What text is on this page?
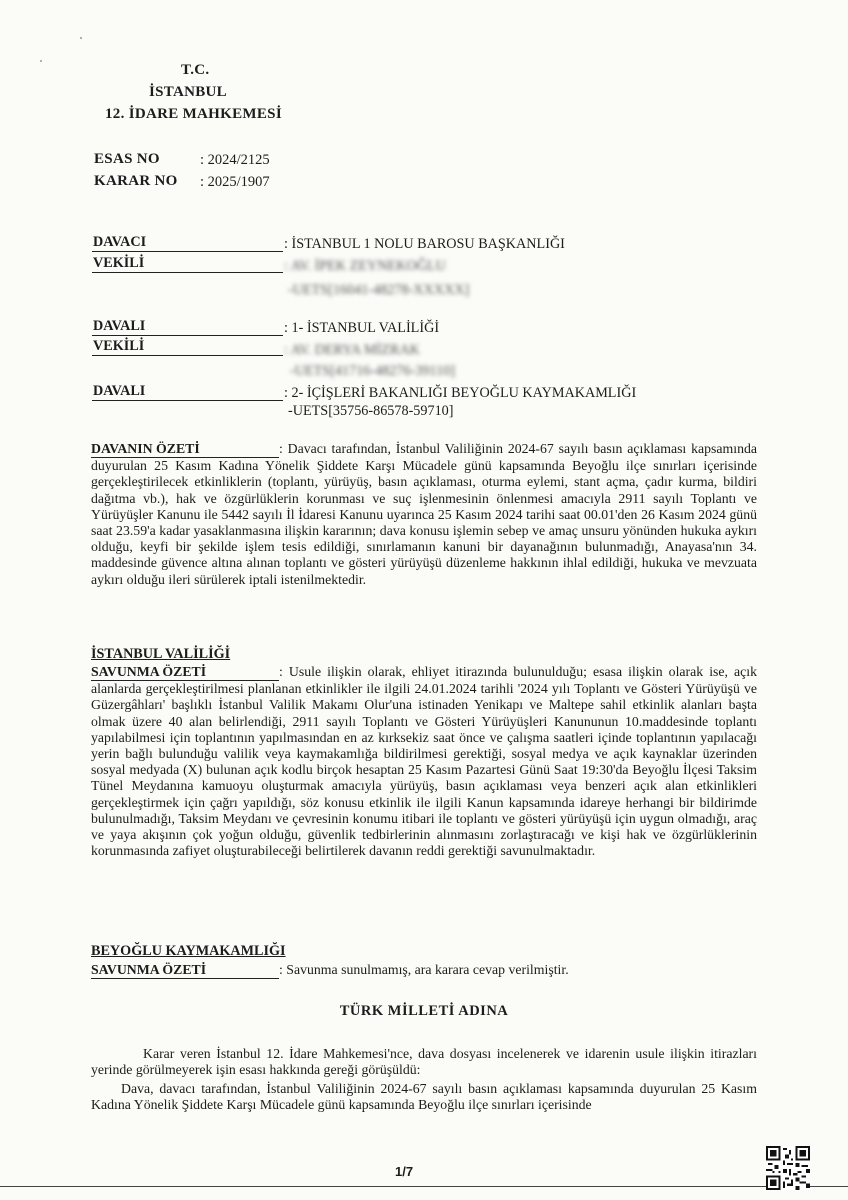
T.C.
İSTANBUL
12. İDARE MAHKEMESİ
ESAS NO	: 2024/2125
KARAR NO : 2025/1907
DAVACI	: İSTANBUL 1 NOLU BAROSU BAŞKANLIĞI
VEKİLİ	: AV. İPEK ZEYNEKOĞLU
-UETS[16041-48278-XXXXX]
DAVALI	: 1- İSTANBUL VALİLİĞİ
VEKİLİ	: AV. DERYA MİZRAK
-UETS[41716-48276-39110]
DAVALI	: 2- İÇİŞLERİ BAKANLIĞI BEYOĞLU KAYMAKAMLIĞI
-UETS[35756-86578-59710]
DAVANIN ÖZETİ	: Davacı tarafından, İstanbul Valiliğinin 2024-67 sayılı basın açıklaması kapsamında duyurulan 25 Kasım Kadına Yönelik Şiddete Karşı Mücadele günü kapsamında Beyoğlu ilçe sınırları içerisinde gerçekleştirilecek etkinliklerin (toplantı, yürüyüş, basın açıklaması, oturma eylemi, stant açma, çadır kurma, bildiri dağıtma vb.), hak ve özgürlüklerin korunması ve suç işlenmesinin önlenmesi amacıyla 2911 sayılı Toplantı ve Yürüyüşler Kanunu ile 5442 sayılı İl İdaresi Kanunu uyarınca 25 Kasım 2024 tarihi saat 00.01'den 26 Kasım 2024 günü saat 23.59'a kadar yasaklanmasına ilişkin kararının; dava konusu işlemin sebep ve amaç unsuru yönünden hukuka aykırı olduğu, keyfi bir şekilde işlem tesis edildiği, sınırlamanın kanuni bir dayanağının bulunmadığı, Anayasa'nın 34. maddesinde güvence altına alınan toplantı ve gösteri yürüyüşü düzenleme hakkının ihlal edildiği, hukuka ve mevzuata aykırı olduğu ileri sürülerek iptali istenilmektedir.
İSTANBUL VALİLİĞİ
SAVUNMA ÖZETİ	: Usule ilişkin olarak, ehliyet itirazında bulunulduğu; esasa ilişkin olarak ise, açık alanlarda gerçekleştirilmesi planlanan etkinlikler ile ilgili 24.01.2024 tarihli '2024 yılı Toplantı ve Gösteri Yürüyüşü ve Güzergâhları' başlıklı İstanbul Valilik Makamı Olur'una istinaden Yenikapı ve Maltepe sahil etkinlik alanları başta olmak üzere 40 alan belirlendiği, 2911 sayılı Toplantı ve Gösteri Yürüyüşleri Kanununun 10.maddesinde toplantı yapılabilmesi için toplantının yapılmasından en az kırksekiz saat önce ve çalışma saatleri içinde toplantının yapılacağı yerin bağlı bulunduğu valilik veya kaymakamlığa bildirilmesi gerektiği, sosyal medya ve açık kaynaklar üzerinden sosyal medyada (X) bulunan açık kodlu birçok hesaptan 25 Kasım Pazartesi Günü Saat 19:30'da Beyoğlu İlçesi Taksim Tünel Meydanına kamuoyu oluşturmak amacıyla yürüyüş, basın açıklaması veya benzeri açık alan etkinlikleri gerçekleştirmek için çağrı yapıldığı, söz konusu etkinlik ile ilgili Kanun kapsamında idareye herhangi bir bildirimde bulunulmadığı, Taksim Meydanı ve çevresinin konumu itibari ile toplantı ve gösteri yürüyüşü için uygun olmadığı, araç ve yaya akışının çok yoğun olduğu, güvenlik tedbirlerinin alınmasını zorlaştıracağı ve kişi hak ve özgürlüklerinin korunmasında zafiyet oluşturabileceği belirtilerek davanın reddi gerektiği savunulmaktadır.
BEYOĞLU KAYMAKAMLIĞI
SAVUNMA ÖZETİ	: Savunma sunulmamış, ara karara cevap verilmiştir.
TÜRK MİLLETİ ADINA
Karar veren İstanbul 12. İdare Mahkemesi'nce, dava dosyası incelenerek ve idarenin usule ilişkin itirazları yerinde görülmeyerek işin esası hakkında gereği görüşüldü:
Dava, davacı tarafından, İstanbul Valiliğinin 2024-67 sayılı basın açıklaması kapsamında duyurulan 25 Kasım Kadına Yönelik Şiddete Karşı Mücadele günü kapsamında Beyoğlu ilçe sınırları içerisinde
1/7
